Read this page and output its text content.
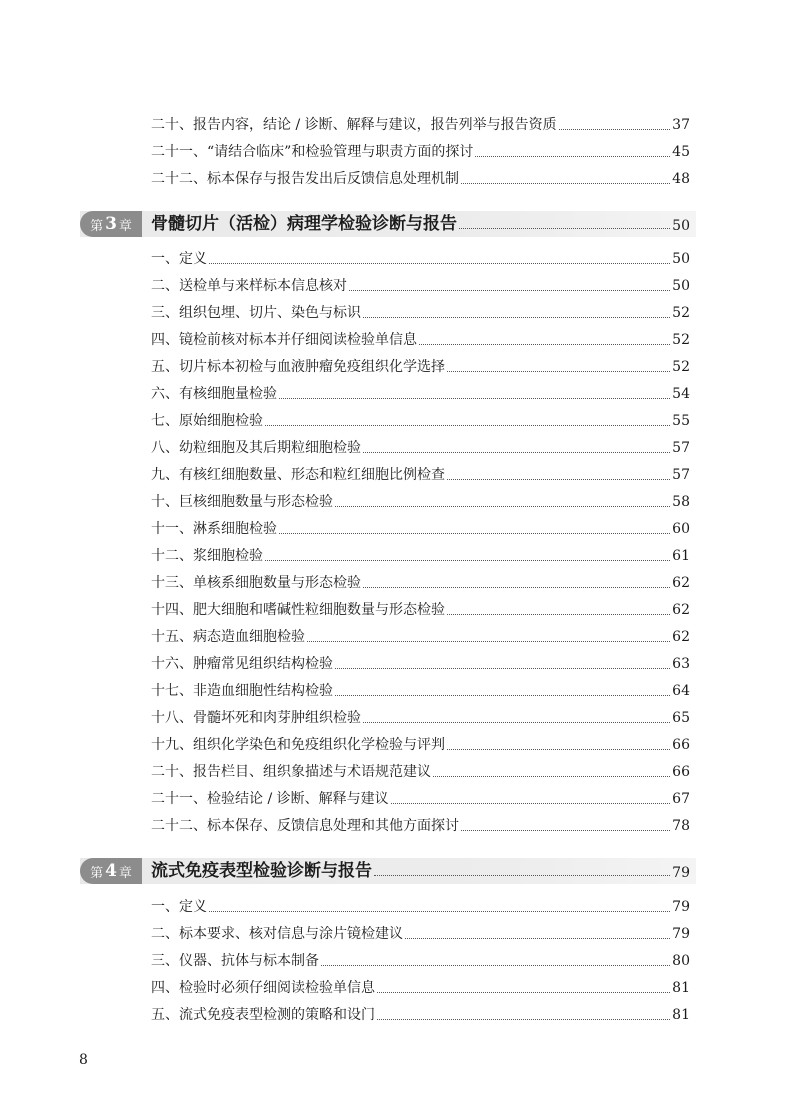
二十、报告内容，结论 / 诊断、解释与建议，报告列举与报告资质	37
二十一、“请结合临床”和检验管理与职责方面的探讨	45
二十二、标本保存与报告发出后反馈信息处理机制	48
第 3 章 骨髓切片（活检）病理学检验诊断与报告	50
一、定义	50
二、送检单与来样标本信息核对	50
三、组织包埋、切片、染色与标识	52
四、镜检前核对标本并仔细阅读检验单信息	52
五、切片标本初检与血液肿瘤免疫组织化学选择	52
六、有核细胞量检验	54
七、原始细胞检验	55
八、幼粒细胞及其后期粒细胞检验	57
九、有核红细胞数量、形态和粒红细胞比例检查	57
十、巨核细胞数量与形态检验	58
十一、淋系细胞检验	60
十二、浆细胞检验	61
十三、单核系细胞数量与形态检验	62
十四、肥大细胞和嗜碱性粒细胞数量与形态检验	62
十五、病态造血细胞检验	62
十六、肿瘤常见组织结构检验	63
十七、非造血细胞性结构检验	64
十八、骨髓坏死和肉芽肿组织检验	65
十九、组织化学染色和免疫组织化学检验与评判	66
二十、报告栏目、组织象描述与术语规范建议	66
二十一、检验结论 / 诊断、解释与建议	67
二十二、标本保存、反馈信息处理和其他方面探讨	78
第 4 章 流式免疫表型检验诊断与报告	79
一、定义	79
二、标本要求、核对信息与涂片镜检建议	79
三、仪器、抗体与标本制备	80
四、检验时必须仔细阅读检验单信息	81
五、流式免疫表型检测的策略和设门	81
8
